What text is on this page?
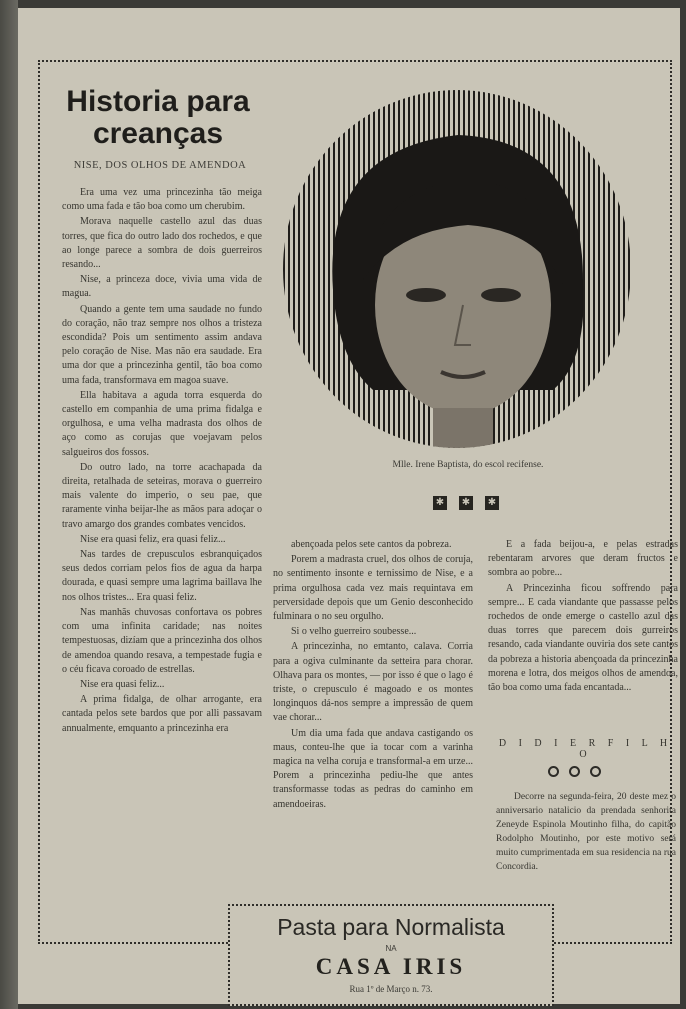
Historia para creanças
NISE, DOS OLHOS DE AMENDOA

Era uma vez uma princezinha tão meiga como uma fada e tão boa como um cherubim.

Morava naquelle castello azul das duas torres, que fica do outro lado dos rochedos, e que ao longe parece a sombra de dois guerreiros resandо...

Nise, a princeza doce, vivia uma vida de magua.

Quando a gente tem uma saudade no fundo do coração, não traz sempre nos olhos a tristeza escondida? Pois um sentimento assim andava pelo coração de Nise. Mas não era saudade. Era uma dor que a princezinha gentil, tão boa como uma fada, transformava em magoa suave.

Ella habitava a aguda torra esquerda do castello em companhia de uma prima fidalga e orgulhosa, e uma velha madrasta dos olhos de aço como as corujas que voejavam pelos salgueiros dos fossos.

Do outro lado, na torre acachapada da direita, retalhada de seteiras, morava o guerreiro mais valente do imperio, o seu pae, que raramente vinha beijar-lhe as mãos para adoçar o travo amargo dos grandes combates vencidos.

Nise era quasi feliz, era quasi feliz...

Nas tardes de crepusculos esbranquiçados seus dedos corriam pelos fios de agua da harpa dourada, e quasi sempre uma lagrima baillava lhe nos olhos tristes... Era quasi feliz.

Nas manhãs chuvosas confortava os pobres com uma infinita caridade; nas noites tempestuosas, dizíam que a princezinha dos olhos de amendoa quando resava, a tempestade fugia e o céu ficava coroado de estrellas.

Nise era quasi feliz...

A prima fidalga, de olhar arrogante, era cantada pelos sete bardos que por alli passavam annualmente, emquanto a princezinha era

Mlle. Irene Baptista, do escol recifense.
✱ ✱ ✱

abençoada pelos sete cantos da pobreza.

Porem a madrasta cruel, dos olhos de coruja, no sentimento insonte e ternissimo de Nise, e a prima orgulhosa cada vez mais requintava em perversidade depois que um Genio desconhecido fulminara o no seu orgulho.

Si o velho guerreiro soubesse...

A princezinha, no emtanto, calava. Corria para a ogiva culminante da setteira para chorar. Olhava para os montes, — por isso é que o lago é triste, o crepusculo é magoado e os montes longinquos dá-nos sempre a impressão de quem vae chorar...

Um dia uma fada que andava castigando os maus, conteu-lhe que ia tocar com a varinha magica na velha coruja e transformal-a em urze... Porem a princezinha pediu-lhe que antes transformasse todas as pedras do caminho em amendoeiras.

E a fada beijou-a, e pelas estradas rebentaram arvores que deram fructos e sombra ao pobre...

A Princezinha ficou soffrendo para sempre... E cada viandante que passasse pelos rochedos de onde emerge o castello azul das duas torres que parecem dois gurreiros resando, cada viandante ouviria dos sete cantos da pobreza a historia abençoada da princezinha morena e lotra, dos meigos olhos de amendoa, tão boa como uma fada encantada...

D I D I E R F I L H O

Decorre na segunda-feira, 20 deste mez o anniversario natalicio da prendada senhorita Zeneyde Espinola Moutinho filha, do capitão Rodolpho Moutinho, por este motivo será muito cumprimentada em sua residencia na rua Concordia.

Pasta para Normalista
NA
CASA IRIS
Rua 1º de Março n. 73.
